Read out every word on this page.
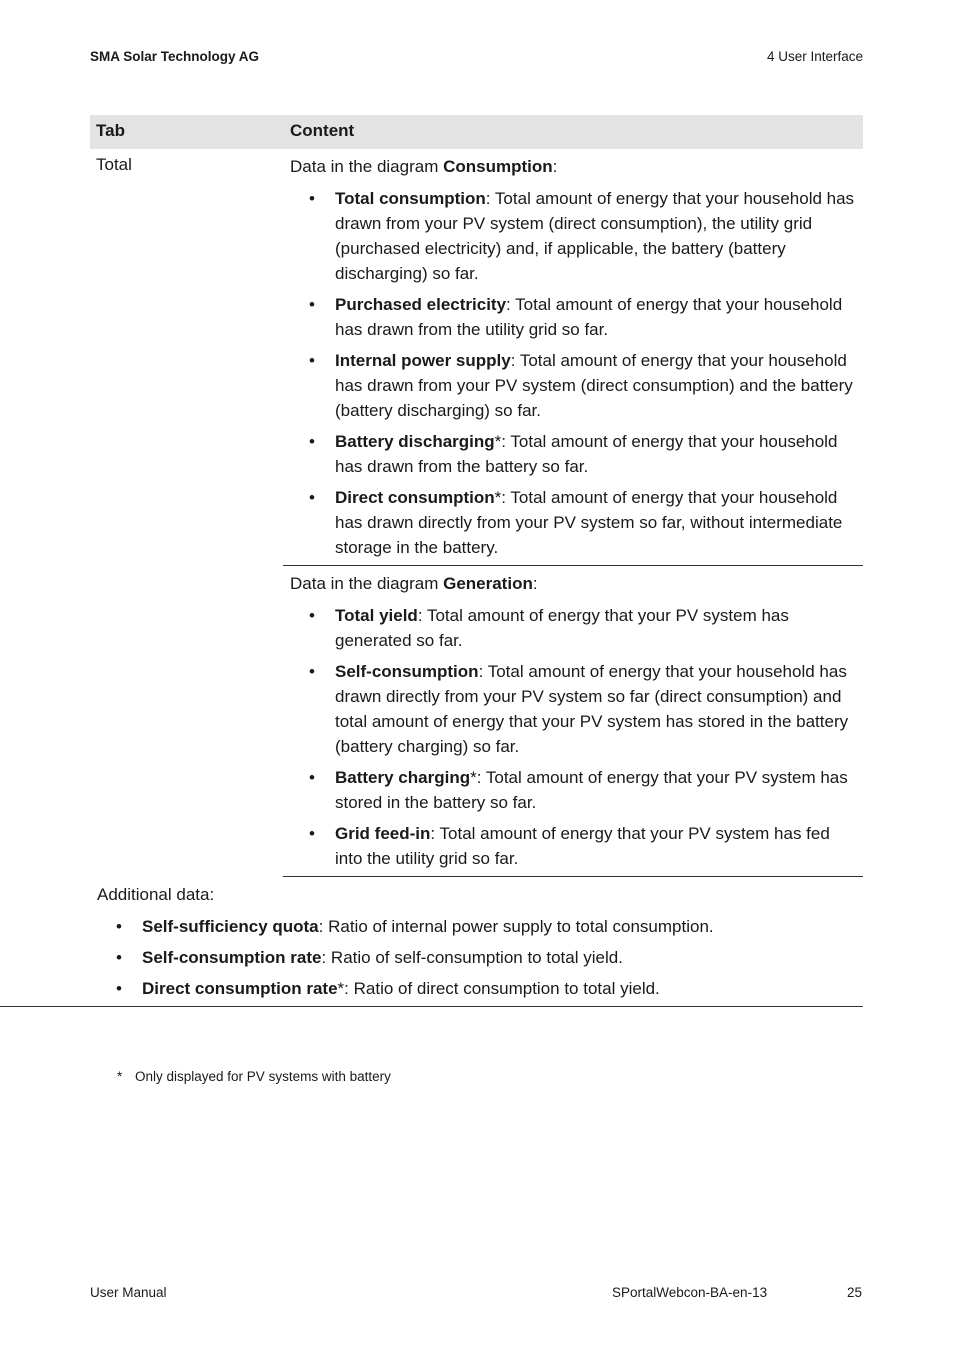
SMA Solar Technology AG	4 User Interface
Tab	Content
Total	Data in the diagram Consumption:
• Total consumption: Total amount of energy that your household has drawn from your PV system (direct consumption), the utility grid (purchased electricity) and, if applicable, the battery (battery discharging) so far.
• Purchased electricity: Total amount of energy that your household has drawn from the utility grid so far.
• Internal power supply: Total amount of energy that your household has drawn from your PV system (direct consumption) and the battery (battery discharging) so far.
• Battery discharging*: Total amount of energy that your household has drawn from the battery so far.
• Direct consumption*: Total amount of energy that your household has drawn directly from your PV system so far, without intermediate storage in the battery.
Data in the diagram Generation:
• Total yield: Total amount of energy that your PV system has generated so far.
• Self-consumption: Total amount of energy that your household has drawn directly from your PV system so far (direct consumption) and total amount of energy that your PV system has stored in the battery (battery charging) so far.
• Battery charging*: Total amount of energy that your PV system has stored in the battery so far.
• Grid feed-in: Total amount of energy that your PV system has fed into the utility grid so far.
Additional data:
• Self-sufficiency quota: Ratio of internal power supply to total consumption.
• Self-consumption rate: Ratio of self-consumption to total yield.
• Direct consumption rate*: Ratio of direct consumption to total yield.
* Only displayed for PV systems with battery
User Manual	SPortalWebcon-BA-en-13	25
